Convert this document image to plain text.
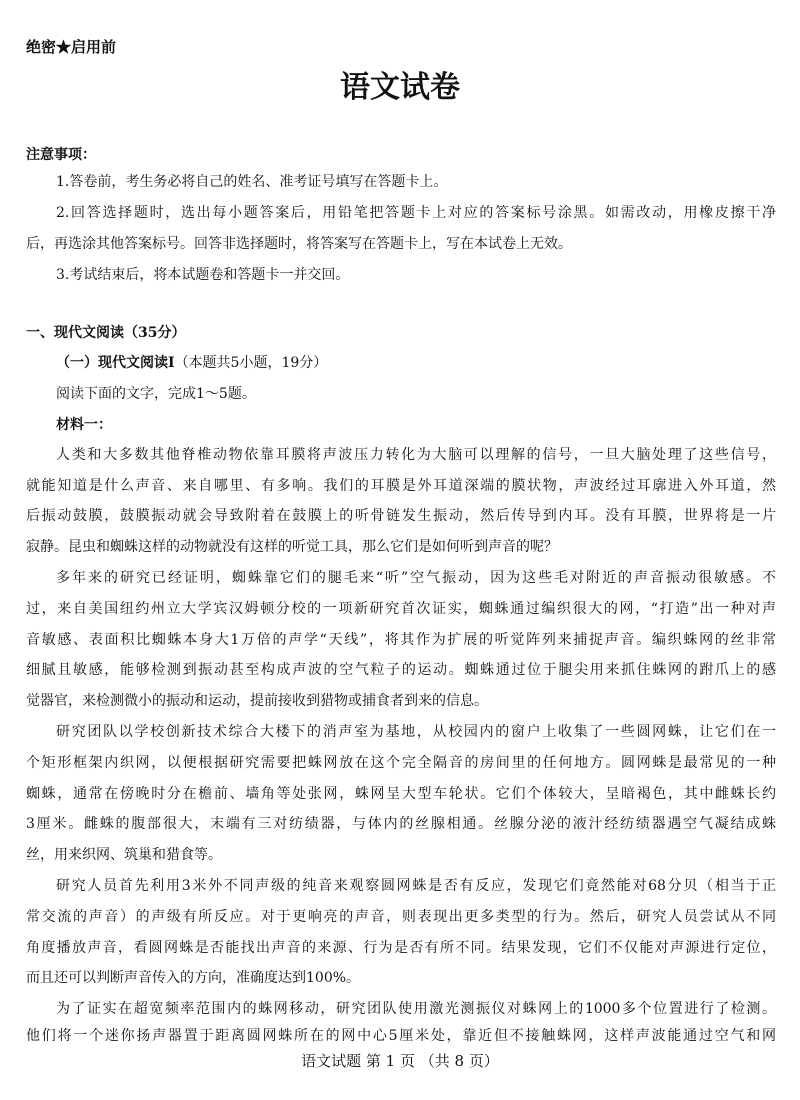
绝密★启用前
语文试卷
注意事项：
1.答卷前，考生务必将自己的姓名、准考证号填写在答题卡上。
2.回答选择题时，选出每小题答案后，用铅笔把答题卡上对应的答案标号涂黑。如需改动，用橡皮擦干净
后，再选涂其他答案标号。回答非选择题时，将答案写在答题卡上，写在本试卷上无效。
3.考试结束后，将本试题卷和答题卡一并交回。
一、现代文阅读（35分）
（一）现代文阅读Ⅰ（本题共5小题，19分）
阅读下面的文字，完成1～5题。
材料一：
人类和大多数其他脊椎动物依靠耳膜将声波压力转化为大脑可以理解的信号，一旦大脑处理了这些信号，
就能知道是什么声音、来自哪里、有多响。我们的耳膜是外耳道深端的膜状物，声波经过耳廓进入外耳道，然
后振动鼓膜，鼓膜振动就会导致附着在鼓膜上的听骨链发生振动，然后传导到内耳。没有耳膜，世界将是一片
寂静。昆虫和蜘蛛这样的动物就没有这样的听觉工具，那么它们是如何听到声音的呢？
多年来的研究已经证明，蜘蛛靠它们的腿毛来“听”空气振动，因为这些毛对附近的声音振动很敏感。不
过，来自美国纽约州立大学宾汉姆顿分校的一项新研究首次证实，蜘蛛通过编织很大的网，“打造”出一种对声
音敏感、表面积比蜘蛛本身大1万倍的声学“天线”，将其作为扩展的听觉阵列来捕捉声音。编织蛛网的丝非常
细腻且敏感，能够检测到振动甚至构成声波的空气粒子的运动。蜘蛛通过位于腿尖用来抓住蛛网的跗爪上的感
觉器官，来检测微小的振动和运动，提前接收到猎物或捕食者到来的信息。
研究团队以学校创新技术综合大楼下的消声室为基地，从校园内的窗户上收集了一些圆网蛛，让它们在一
个矩形框架内织网，以便根据研究需要把蛛网放在这个完全隔音的房间里的任何地方。圆网蛛是最常见的一种
蜘蛛，通常在傍晚时分在檐前、墙角等处张网，蛛网呈大型车轮状。它们个体较大，呈暗褐色，其中雌蛛长约
3厘米。雌蛛的腹部很大，末端有三对纺绩器，与体内的丝腺相通。丝腺分泌的液汁经纺绩器遇空气凝结成蛛
丝，用来织网、筑巢和猎食等。
研究人员首先利用3米外不同声级的纯音来观察圆网蛛是否有反应，发现它们竟然能对68分贝（相当于正
常交流的声音）的声级有所反应。对于更响亮的声音，则表现出更多类型的行为。然后，研究人员尝试从不同
角度播放声音，看圆网蛛是否能找出声音的来源、行为是否有所不同。结果发现，它们不仅能对声源进行定位，
而且还可以判断声音传入的方向，准确度达到100%。
为了证实在超宽频率范围内的蛛网移动，研究团队使用激光测振仪对蛛网上的1000多个位置进行了检测。
他们将一个迷你扬声器置于距离圆网蛛所在的网中心5厘米处，靠近但不接触蛛网，这样声波能通过空气和网
语文试题 第 1 页 （共 8 页）
